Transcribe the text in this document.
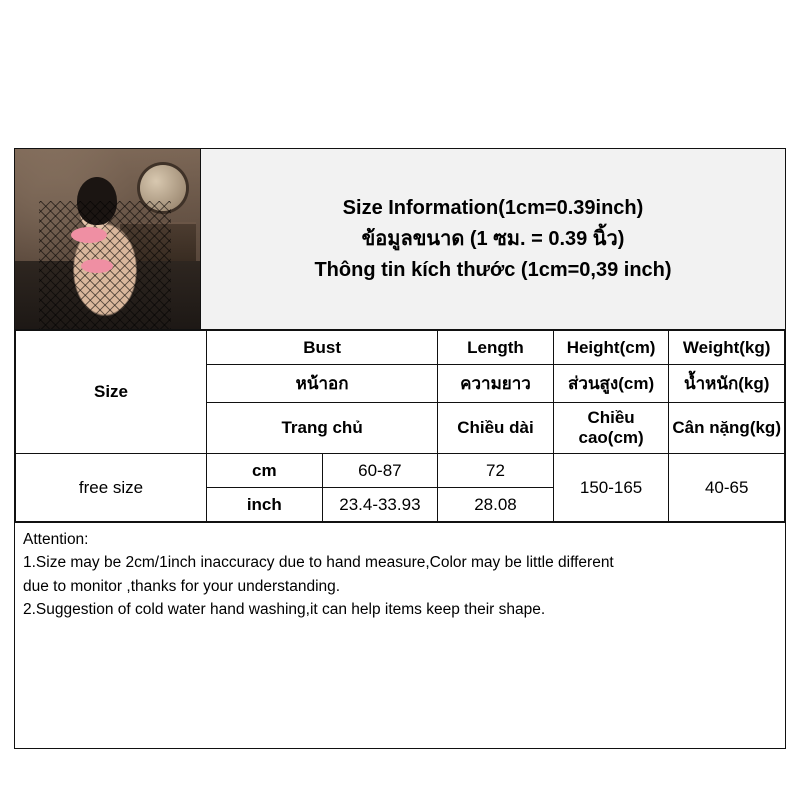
Size Information(1cm=0.39inch)
ข้อมูลขนาด (1 ซม. = 0.39 นิ้ว)
Thông tin kích thước (1cm=0,39 inch)
Size	Bust		Length	Height(cm)	Weight(kg)
	หน้าอก		ความยาว	ส่วนสูง(cm)	น้ำหนัก(kg)
	Trang chủ		Chiều dài	Chiều cao(cm)	Cân nặng(kg)
free size	cm	60-87	72	150-165	40-65
	inch	23.4-33.93	28.08		

Attention:

1.Size may be 2cm/1inch inaccuracy due to hand measure,Color may be little different

due to monitor ,thanks for your understanding.

2.Suggestion of cold water hand washing,it can help items keep their shape.
